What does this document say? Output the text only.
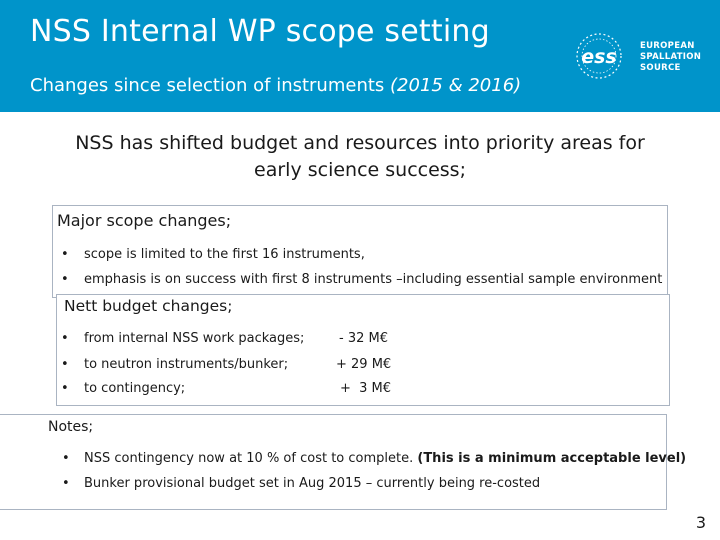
NSS Internal WP scope setting
Changes since selection of instruments (2015 & 2016)
ess	EUROPEAN
SPALLATION
SOURCE
NSS has shifted budget and resources into priority areas for
early science success;
Major scope changes;
• scope is limited to the first 16 instruments,
• emphasis is on success with first 8 instruments –including essential sample environment
Nett budget changes;
• from internal NSS work packages;	- 32 M€
• to neutron instruments/bunker;	+ 29 M€
• to contingency;	+  3 M€
Notes;
• NSS contingency now at 10 % of cost to complete. (This is a minimum acceptable level)
• Bunker provisional budget set in Aug 2015 – currently being re-costed
3
